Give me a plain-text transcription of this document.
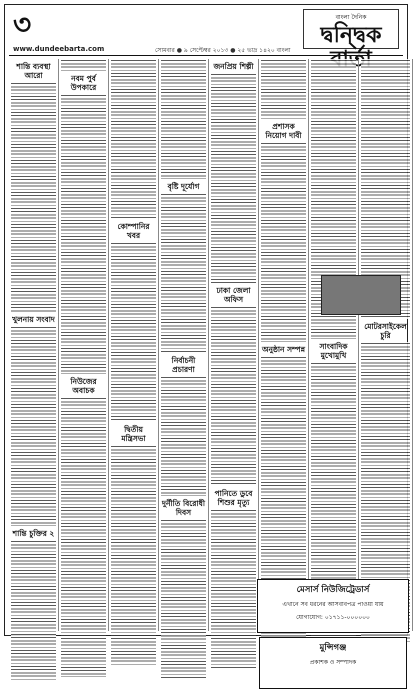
৩
www.dundeebarta.com	সোমবার ● ৯ সেপ্টেম্বর ২০১৩ ● ২৫ ভাদ্র ১৪২০ বাংলা
বাংলা দৈনিক
দ্বন্দ্বিক
শান্তি ব্যবস্থা আরো
খুলনায় সংবাদ
শান্তি চুক্তির ২
নবম পুর্ব উপকারে
নিউজের অবাচক
কোম্পানির খবর
দ্বিতীয় মন্ত্রিসভা
বৃষ্টি দূর্যোগ
নির্বাচনী প্রচারণা
দুর্নীতি বিরোধী দিবস
জনপ্রিয় শিল্পী
ঢাকা জেলা অফিস
পানিতে ডুবে শিশুর মৃত্যু
প্রশাসক নিয়োগ দাবী
অনুষ্ঠান সম্পন্ন	সাংবাদিক মুখোমুখি
মোটরসাইকেল চুরি
মেসার্স নিউজিট্রেডার্স
এখানে সব ধরনের আসবাবপত্র পাওয়া যায়
যোগাযোগ: ০১৭১১-০০০০০০
মুন্সিগঞ্জ
প্রকাশক ও সম্পাদক
